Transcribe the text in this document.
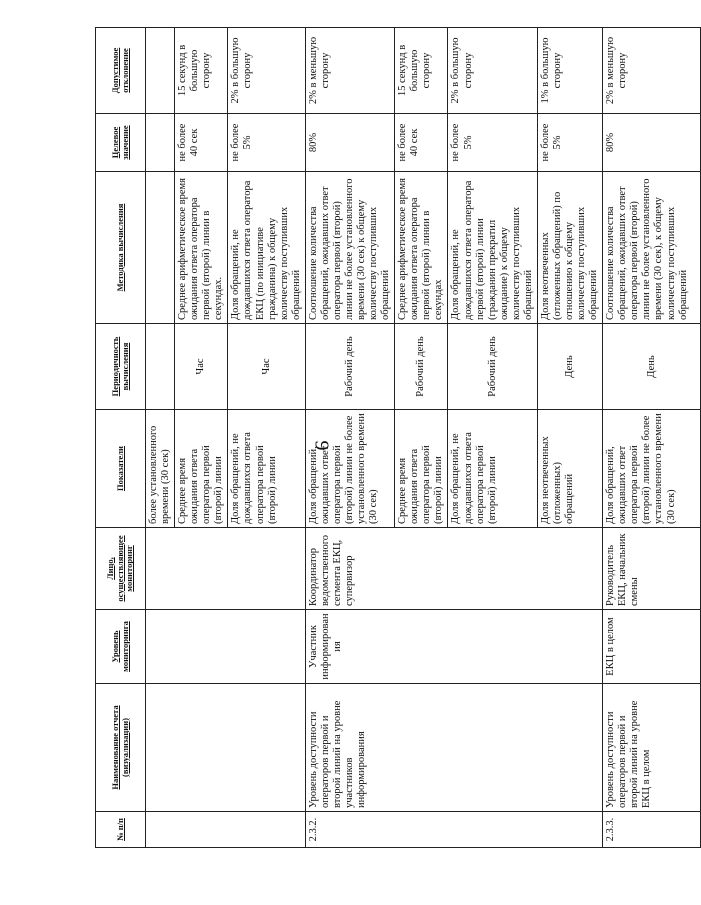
9
№ п/п	Наименование отчета (визуализации)	Уровень мониторинга	Лицо, осуществляющее мониторинг	Показатели	Периодичность вычисления	Методика вычисления	Целевое значение	Допустимое отклонение
				более установленного времени (30 сек)				
				Среднее время ожидания ответа оператора первой (второй) линии	Час	Среднее арифметическое время ожидания ответа оператора первой (второй) линии в секундах.	не более 40 сек	15 секунд в большую сторону
				Доля обращений, не дождавшихся ответа оператора первой (второй) линии	Час	Доля обращений, не дождавшихся ответа оператора ЕКЦ (по инициативе гражданина) к общему количеству поступивших обращений	не более 5%	2% в большую сторону
2.3.2.	Уровень доступности операторов первой и второй линий на уровне участников информирования	Участник информирования	Координатор ведомственного сегмента ЕКЦ, супервизор	Доля обращений, ожидавших ответ оператора первой (второй) линии не более установленного времени (30 сек)	Рабочий день	Соотношение количества обращений, ожидавших ответ оператора первой (второй) линии не более установленного времени (30 сек) к общему количеству поступивших обращений	80%	2% в меньшую сторону
				Среднее время ожидания ответа оператора первой (второй) линии	Рабочий день	Среднее арифметическое время ожидания ответа оператора первой (второй) линии в секундах	не более 40 сек	15 секунд в большую сторону
				Доля обращений, не дождавшихся ответа оператора первой (второй) линии	Рабочий день	Доля обращений, не дождавшихся ответа оператора первой (второй) линии (гражданин прекратил ожидание) к общему количеству поступивших обращений	не более 5%	2% в большую сторону
				Доля неотвеченных (отложенных) обращений	День	Доля неотвеченных (отложенных обращений) по отношению к общему количеству поступивших обращений	не более 5%	1% в большую сторону
2.3.3.	Уровень доступности операторов первой и второй линий на уровне ЕКЦ в целом	ЕКЦ в целом	Руководитель ЕКЦ, начальник смены	Доля обращений, ожидавших ответ оператора первой (второй) линии не более установленного времени (30 сек)	День	Соотношение количества обращений, ожидавших ответ оператора первой (второй) линии не более установленного времени (30 сек), к общему количеству поступивших обращений	80%	2% в меньшую сторону
